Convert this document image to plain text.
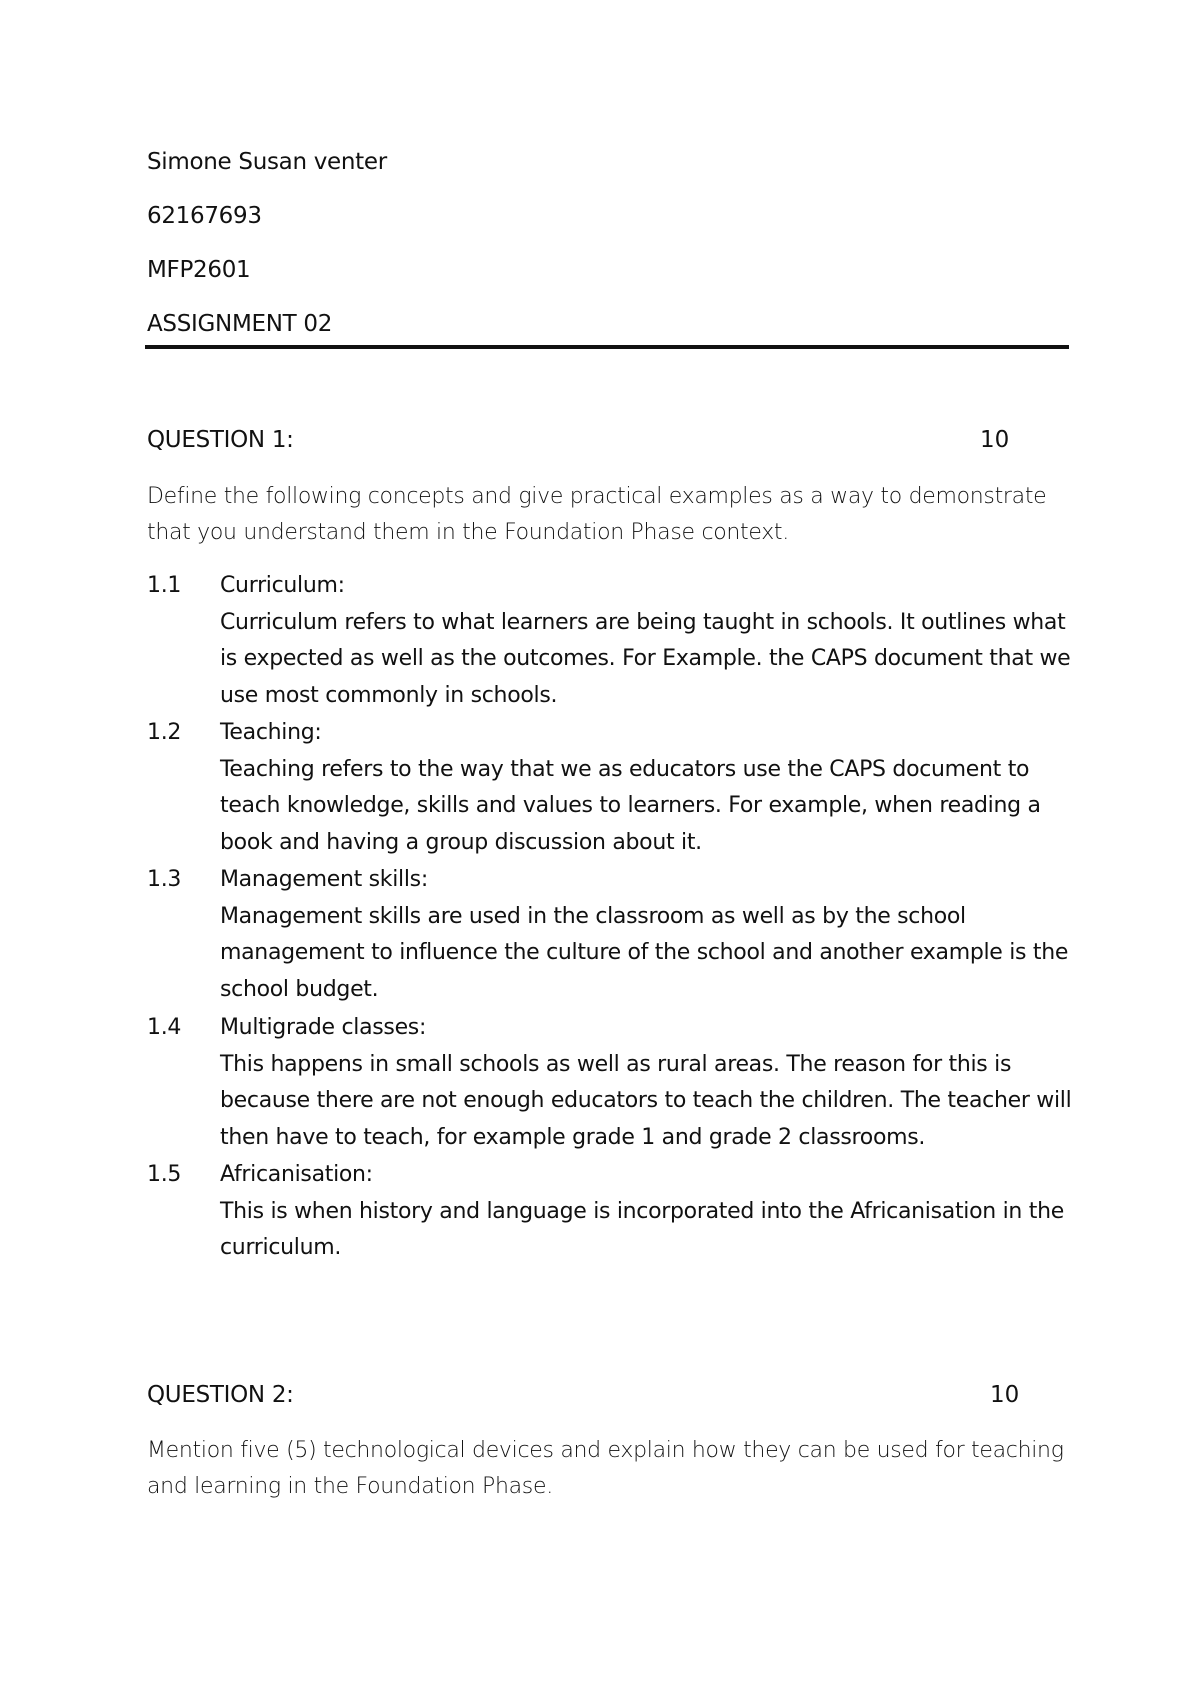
Simone Susan venter
62167693
MFP2601
ASSIGNMENT 02
QUESTION 1:	10
Define the following concepts and give practical examples as a way to demonstrate that you understand them in the Foundation Phase context.
1.1 Curriculum:
Curriculum refers to what learners are being taught in schools. It outlines what is expected as well as the outcomes. For Example. the CAPS document that we use most commonly in schools.
1.2 Teaching:
Teaching refers to the way that we as educators use the CAPS document to teach knowledge, skills and values to learners. For example, when reading a book and having a group discussion about it.
1.3 Management skills:
Management skills are used in the classroom as well as by the school management to influence the culture of the school and another example is the school budget.
1.4 Multigrade classes:
This happens in small schools as well as rural areas. The reason for this is because there are not enough educators to teach the children. The teacher will then have to teach, for example grade 1 and grade 2 classrooms.
1.5 Africanisation:
This is when history and language is incorporated into the Africanisation in the curriculum.
QUESTION 2:	10
Mention five (5) technological devices and explain how they can be used for teaching and learning in the Foundation Phase.
